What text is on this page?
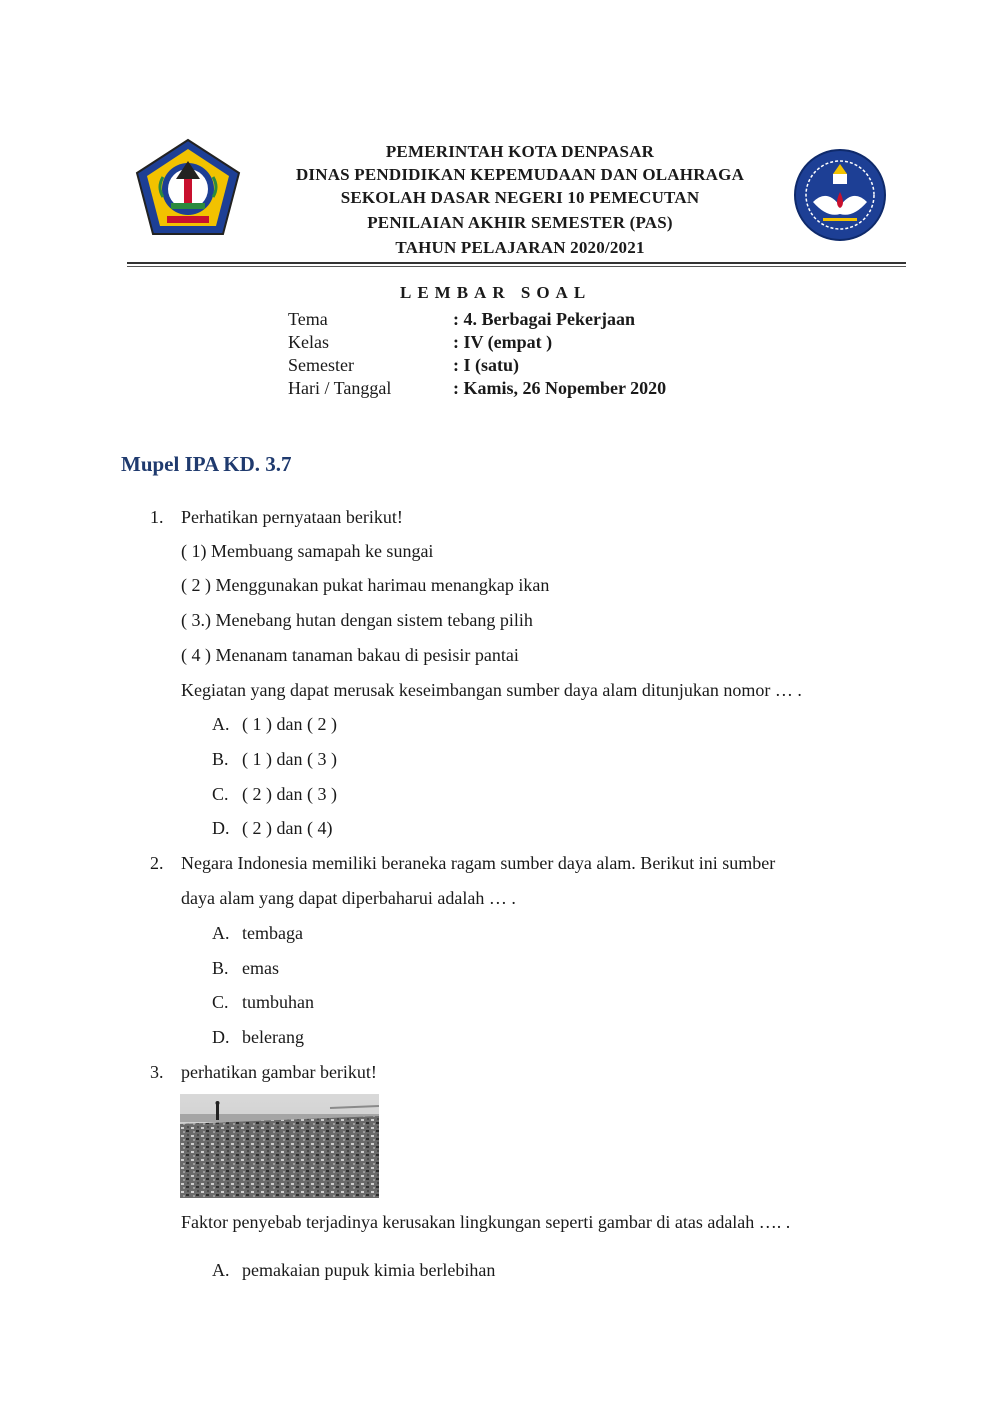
PEMERINTAH KOTA DENPASAR
DINAS PENDIDIKAN KEPEMUDAAN DAN OLAHRAGA
SEKOLAH DASAR NEGERI 10 PEMECUTAN
PENILAIAN AKHIR SEMESTER (PAS)
TAHUN PELAJARAN 2020/2021
LEMBAR SOAL
Tema	: 4. Berbagai Pekerjaan
Kelas	: IV (empat )
Semester	: I (satu)
Hari / Tanggal	: Kamis, 26 Nopember 2020
Mupel IPA KD. 3.7
1. Perhatikan pernyataan berikut!
( 1) Membuang samapah ke sungai
( 2 ) Menggunakan pukat harimau menangkap ikan
( 3.) Menebang hutan dengan sistem tebang pilih
( 4 ) Menanam tanaman bakau di pesisir pantai
Kegiatan yang dapat merusak keseimbangan sumber daya alam ditunjukan nomor … .
A. ( 1 ) dan ( 2 )
B. ( 1 ) dan ( 3 )
C. ( 2 ) dan ( 3 )
D. ( 2 ) dan ( 4)
2. Negara Indonesia memiliki beraneka ragam sumber daya alam. Berikut ini sumber
daya alam yang dapat diperbaharui adalah … .
A. tembaga
B. emas
C. tumbuhan
D. belerang
3. perhatikan gambar berikut!
Faktor penyebab terjadinya kerusakan lingkungan seperti gambar di atas adalah …. .
A. pemakaian pupuk kimia berlebihan
